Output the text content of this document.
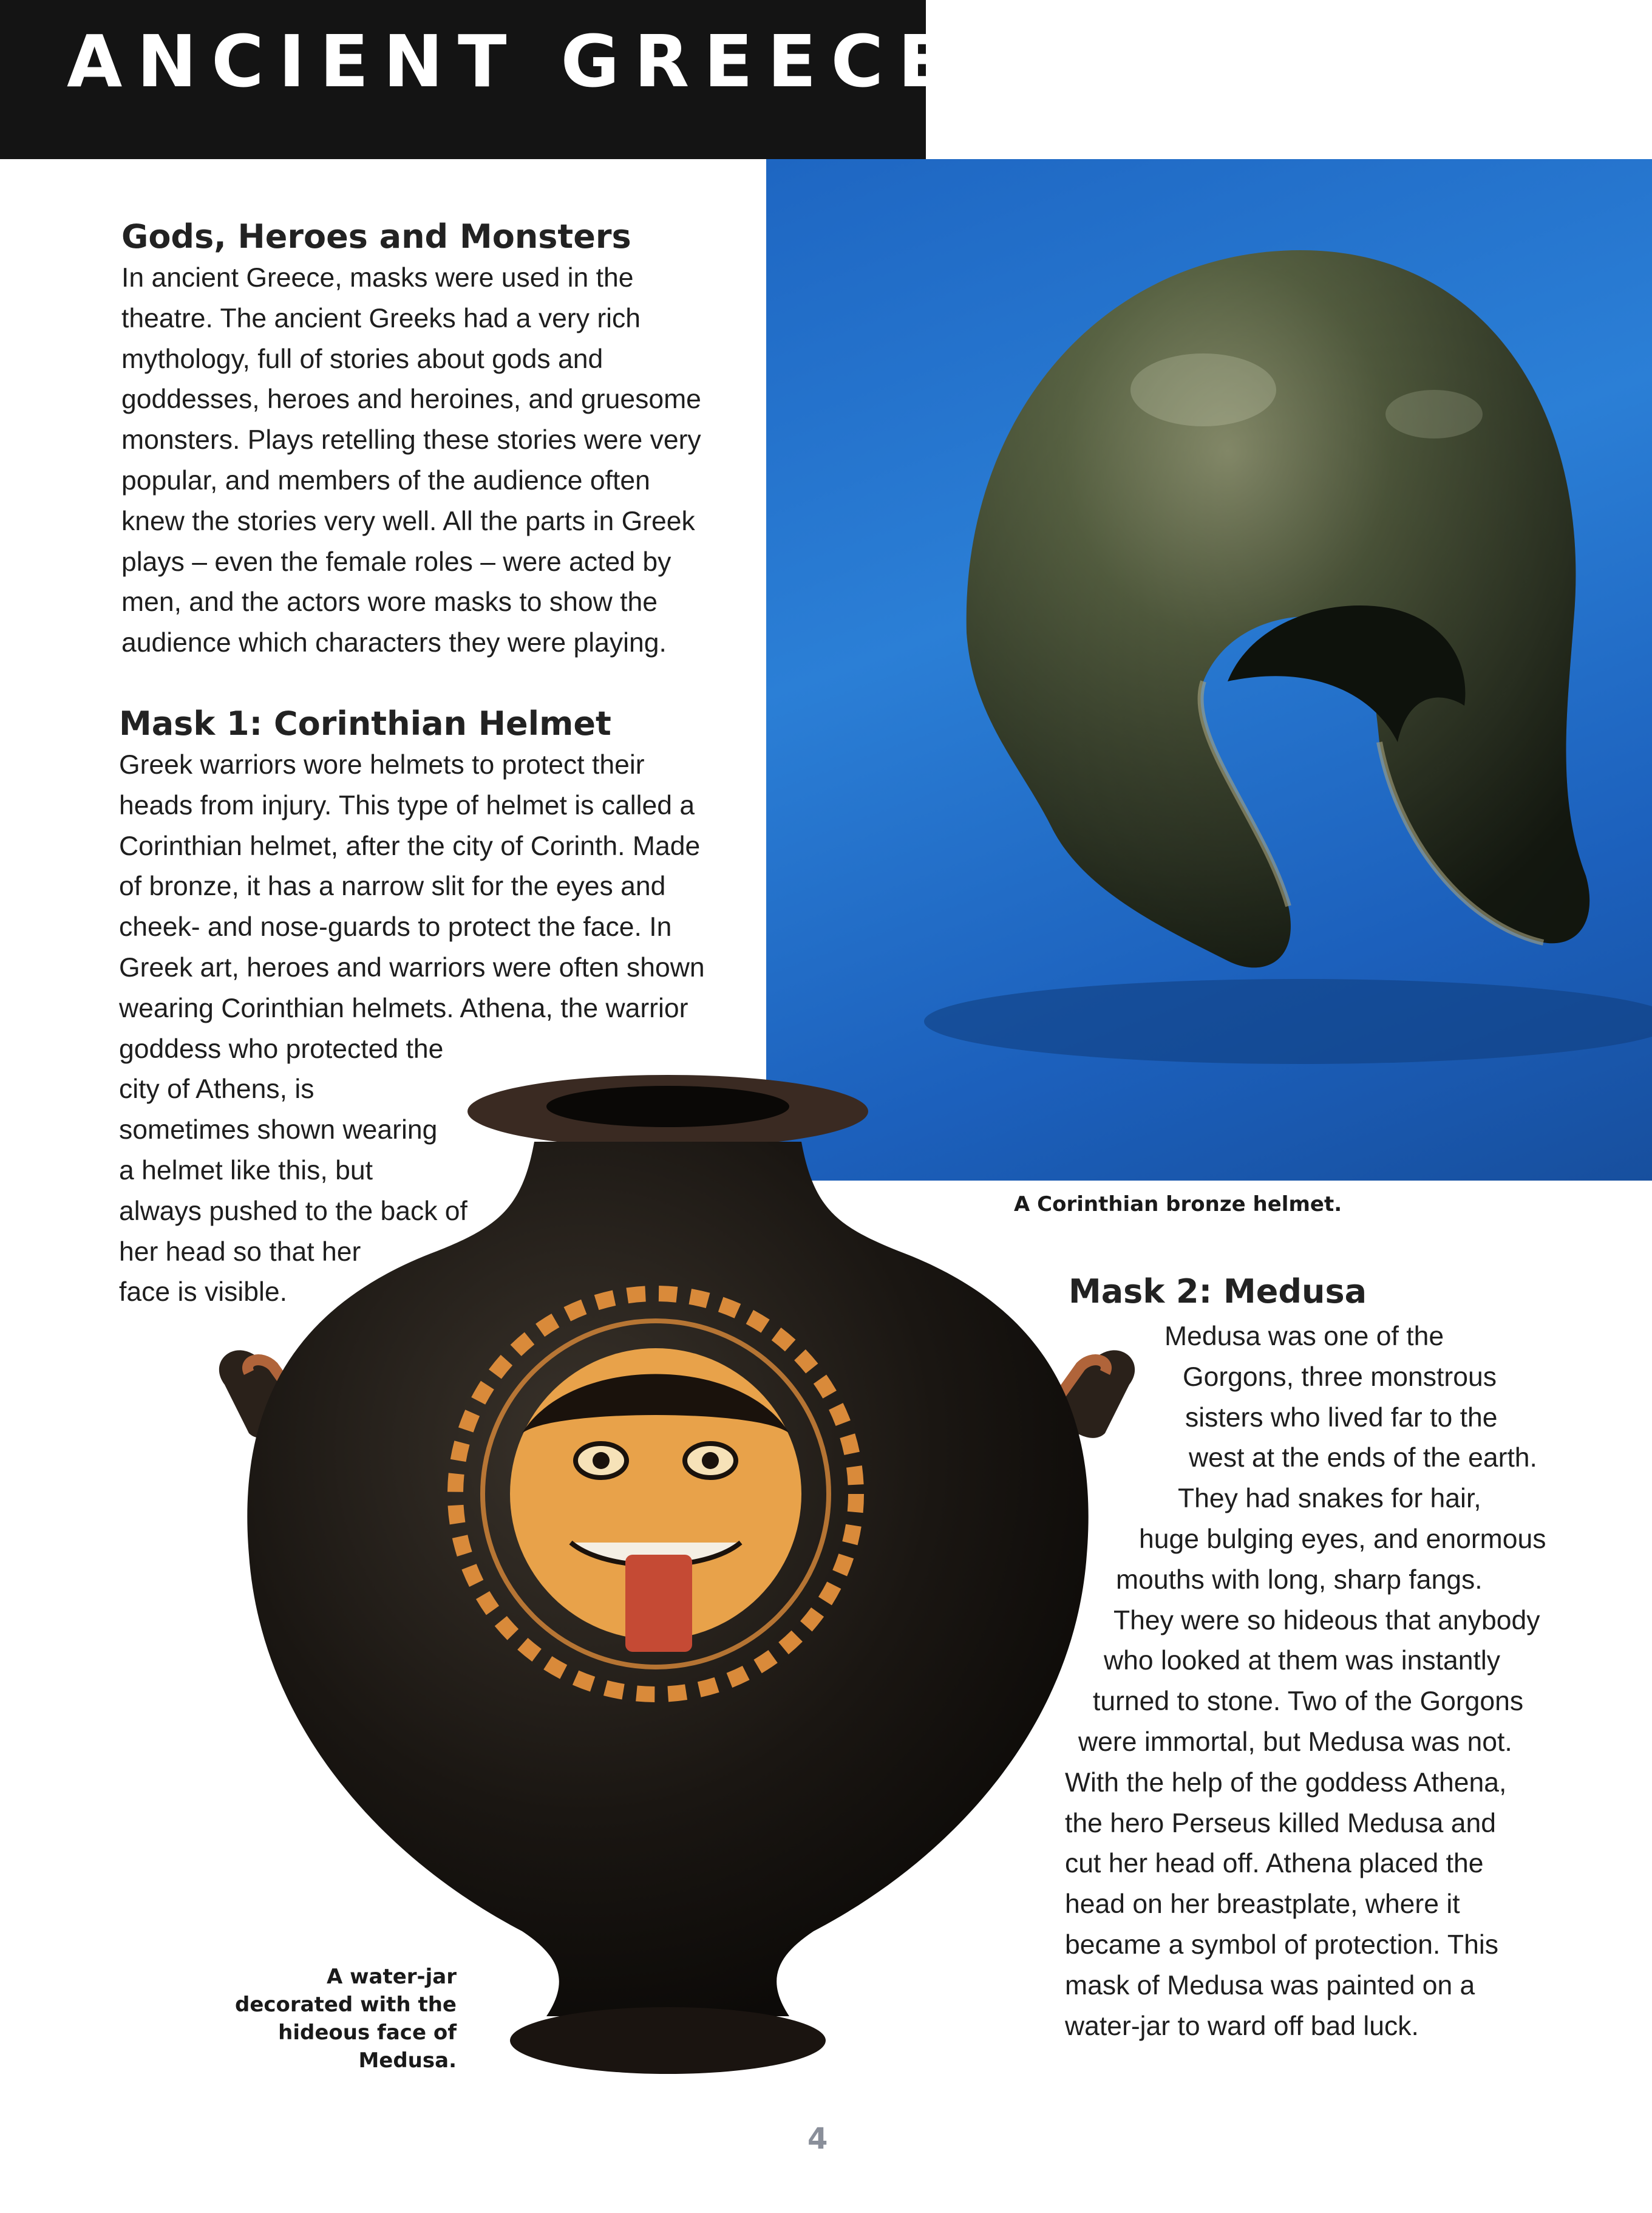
ANCIENT GREECE
Gods, Heroes and Monsters
In ancient Greece, masks were used in the
theatre. The ancient Greeks had a very rich
mythology, full of stories about gods and
goddesses, heroes and heroines, and gruesome
monsters. Plays retelling these stories were very
popular, and members of the audience often
knew the stories very well. All the parts in Greek
plays – even the female roles – were acted by
men, and the actors wore masks to show the
audience which characters they were playing.
Mask 1: Corinthian Helmet
Greek warriors wore helmets to protect their
heads from injury. This type of helmet is called a
Corinthian helmet, after the city of Corinth. Made
of bronze, it has a narrow slit for the eyes and
cheek- and nose-guards to protect the face. In
Greek art, heroes and warriors were often shown
wearing Corinthian helmets. Athena, the warrior
goddess who protected the
city of Athens, is
sometimes shown wearing
a helmet like this, but
always pushed to the back of
her head so that her
face is visible.
A Corinthian bronze helmet.
Mask 2: Medusa
Medusa was one of the
Gorgons, three monstrous
sisters who lived far to the
west at the ends of the earth.
They had snakes for hair,
huge bulging eyes, and enormous
mouths with long, sharp fangs.
They were so hideous that anybody
who looked at them was instantly
turned to stone. Two of the Gorgons
were immortal, but Medusa was not.
With the help of the goddess Athena,
the hero Perseus killed Medusa and
cut her head off. Athena placed the
head on her breastplate, where it
became a symbol of protection. This
mask of Medusa was painted on a
water-jar to ward off bad luck.
A water-jar
decorated with the
hideous face of
Medusa.
4
